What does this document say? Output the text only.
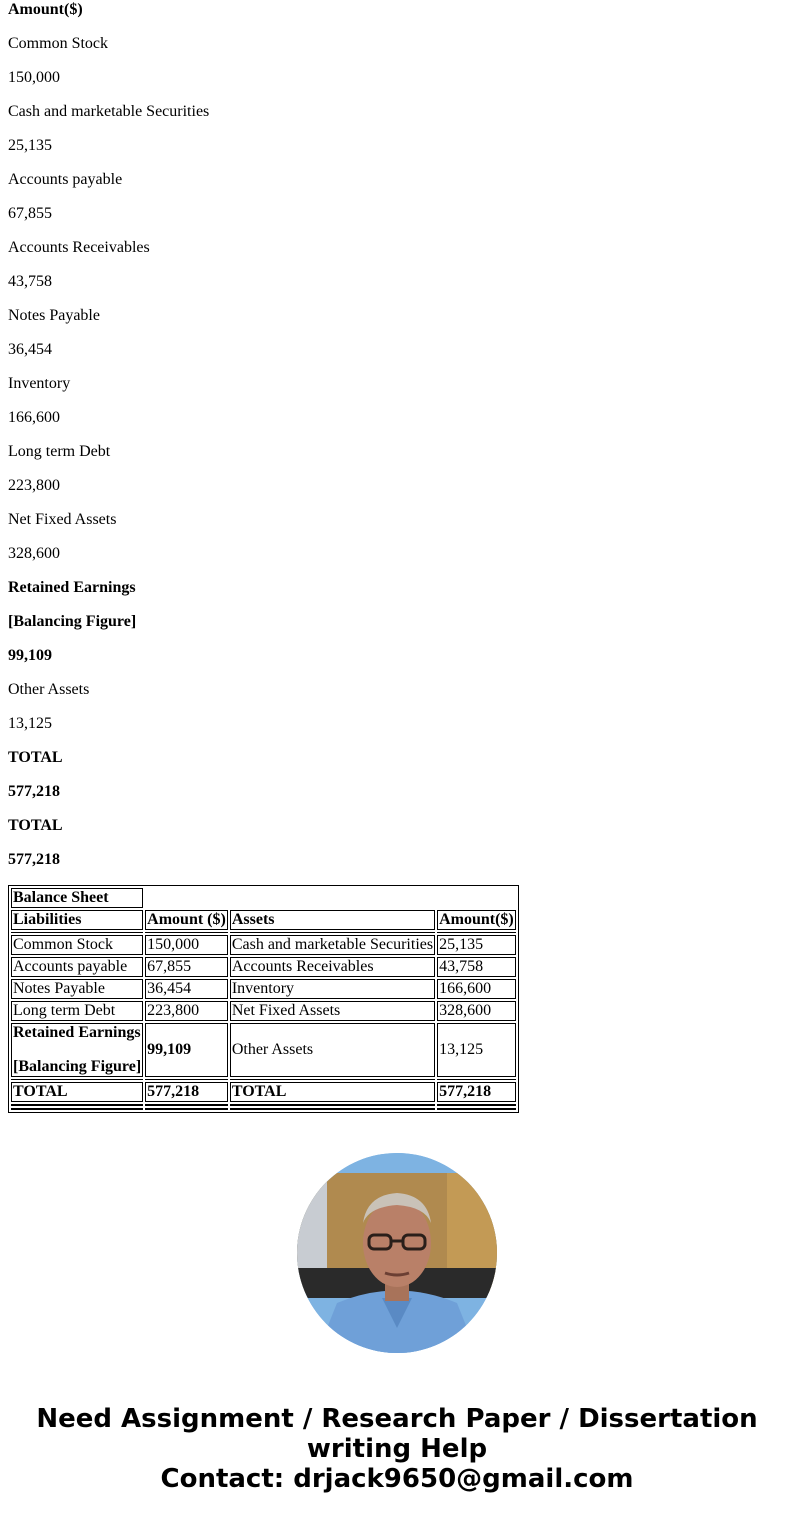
Amount($)

Common Stock

150,000

Cash and marketable Securities

25,135

Accounts payable

67,855

Accounts Receivables

43,758

Notes Payable

36,454

Inventory

166,600

Long term Debt

223,800

Net Fixed Assets

328,600

Retained Earnings

[Balancing Figure]

99,109

Other Assets

13,125

TOTAL

577,218

TOTAL

577,218

Balance Sheet			
Liabilities	Amount ($)	Assets	Amount($)

Common Stock	150,000	Cash and marketable Securities	25,135
Accounts payable	67,855	Accounts Receivables	43,758
Notes Payable	36,454	Inventory	166,600
Long term Debt	223,800	Net Fixed Assets	328,600
Retained Earnings
[Balancing Figure]	99,109	Other Assets	13,125

TOTAL	577,218	TOTAL	577,218

Need Assignment / Research Paper / Dissertation
writing Help
Contact: drjack9650@gmail.com
